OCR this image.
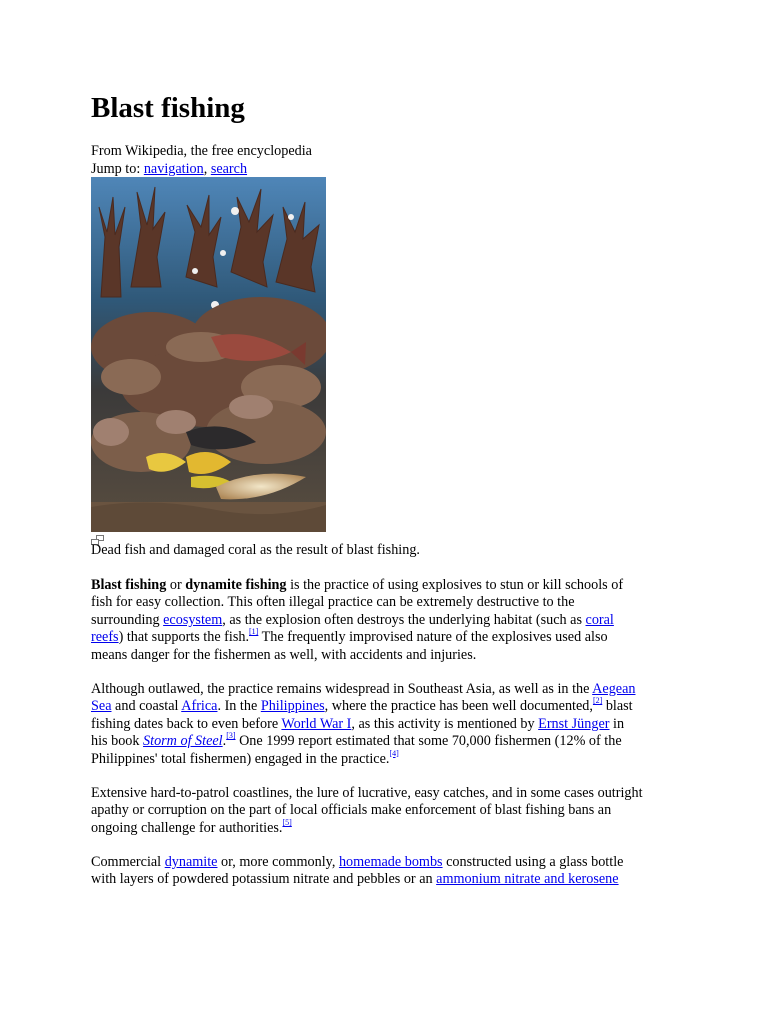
Blast fishing
From Wikipedia, the free encyclopedia
Jump to: navigation, search
Dead fish and damaged coral as the result of blast fishing.
Blast fishing or dynamite fishing is the practice of using explosives to stun or kill schools of
fish for easy collection. This often illegal practice can be extremely destructive to the
surrounding ecosystem, as the explosion often destroys the underlying habitat (such as coral
reefs) that supports the fish.[1] The frequently improvised nature of the explosives used also
means danger for the fishermen as well, with accidents and injuries.
Although outlawed, the practice remains widespread in Southeast Asia, as well as in the Aegean
Sea and coastal Africa. In the Philippines, where the practice has been well documented,[2] blast
fishing dates back to even before World War I, as this activity is mentioned by Ernst Jünger in
his book Storm of Steel.[3] One 1999 report estimated that some 70,000 fishermen (12% of the
Philippines' total fishermen) engaged in the practice.[4]
Extensive hard-to-patrol coastlines, the lure of lucrative, easy catches, and in some cases outright
apathy or corruption on the part of local officials make enforcement of blast fishing bans an
ongoing challenge for authorities.[5]
Commercial dynamite or, more commonly, homemade bombs constructed using a glass bottle
with layers of powdered potassium nitrate and pebbles or an ammonium nitrate and kerosene
